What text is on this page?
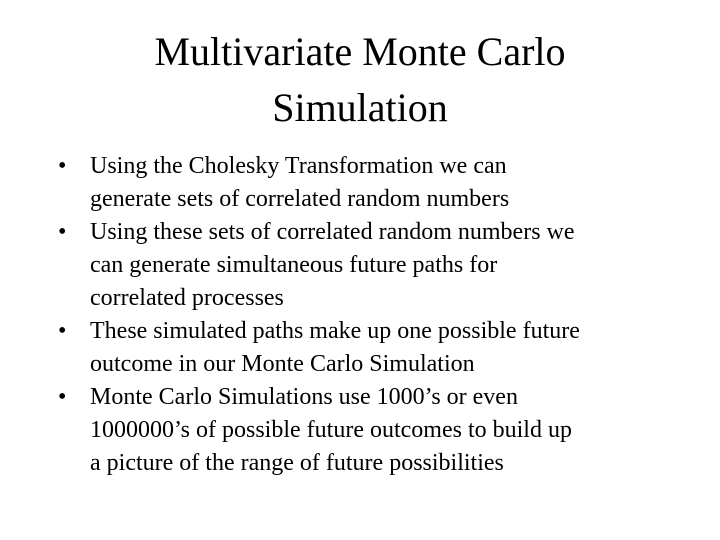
Multivariate Monte Carlo
Simulation
• Using the Cholesky Transformation we can
generate sets of correlated random numbers
• Using these sets of correlated random numbers we
can generate simultaneous future paths for
correlated processes
• These simulated paths make up one possible future
outcome in our Monte Carlo Simulation
• Monte Carlo Simulations use 1000’s or even
1000000’s of possible future outcomes to build up
a picture of the range of future possibilities
